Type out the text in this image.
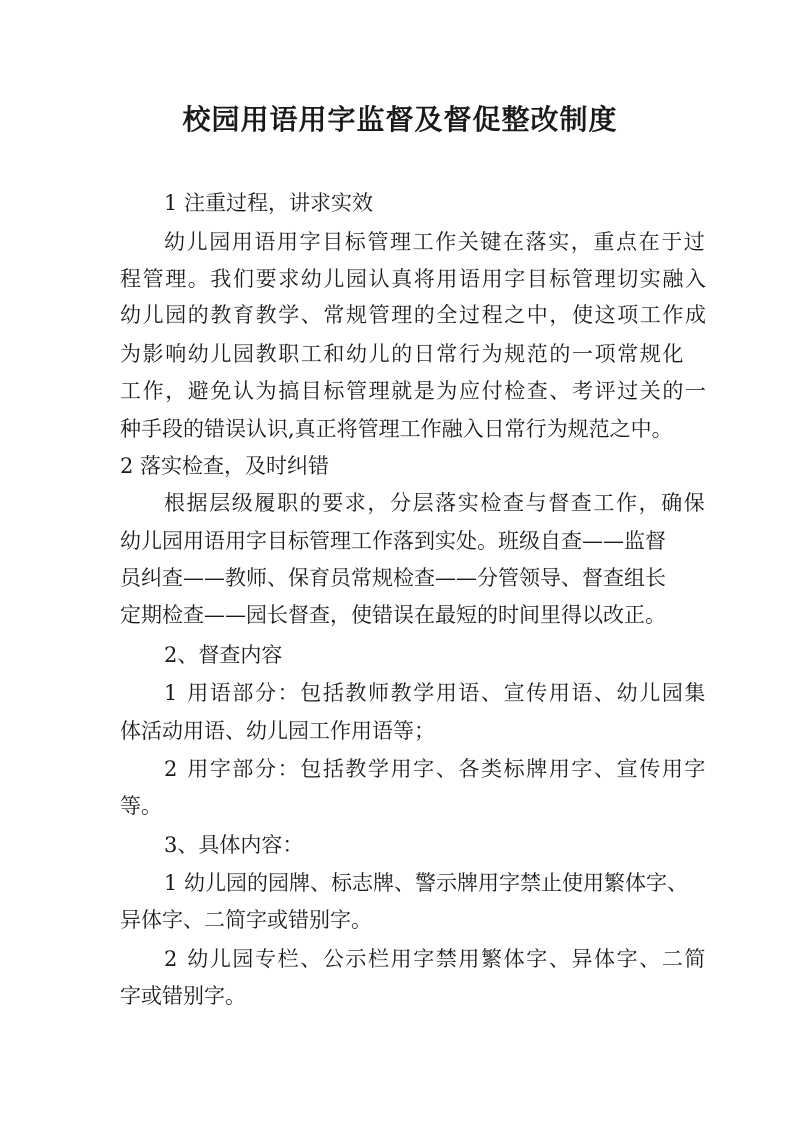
校园用语用字监督及督促整改制度
1 注重过程，讲求实效
幼儿园用语用字目标管理工作关键在落实，重点在于过
程管理。我们要求幼儿园认真将用语用字目标管理切实融入
幼儿园的教育教学、常规管理的全过程之中，使这项工作成
为影响幼儿园教职工和幼儿的日常行为规范的一项常规化
工作，避免认为搞目标管理就是为应付检查、考评过关的一
种手段的错误认识,真正将管理工作融入日常行为规范之中。
2 落实检查，及时纠错
根据层级履职的要求，分层落实检查与督查工作，确保
幼儿园用语用字目标管理工作落到实处。班级自查——监督
员纠查——教师、保育员常规检查——分管领导、督查组长
定期检查——园长督查，使错误在最短的时间里得以改正。
2、督查内容
1 用语部分：包括教师教学用语、宣传用语、幼儿园集
体活动用语、幼儿园工作用语等；
2 用字部分：包括教学用字、各类标牌用字、宣传用字
等。
3、具体内容：
1 幼儿园的园牌、标志牌、警示牌用字禁止使用繁体字、
异体字、二简字或错别字。
2 幼儿园专栏、公示栏用字禁用繁体字、异体字、二简
字或错别字。
